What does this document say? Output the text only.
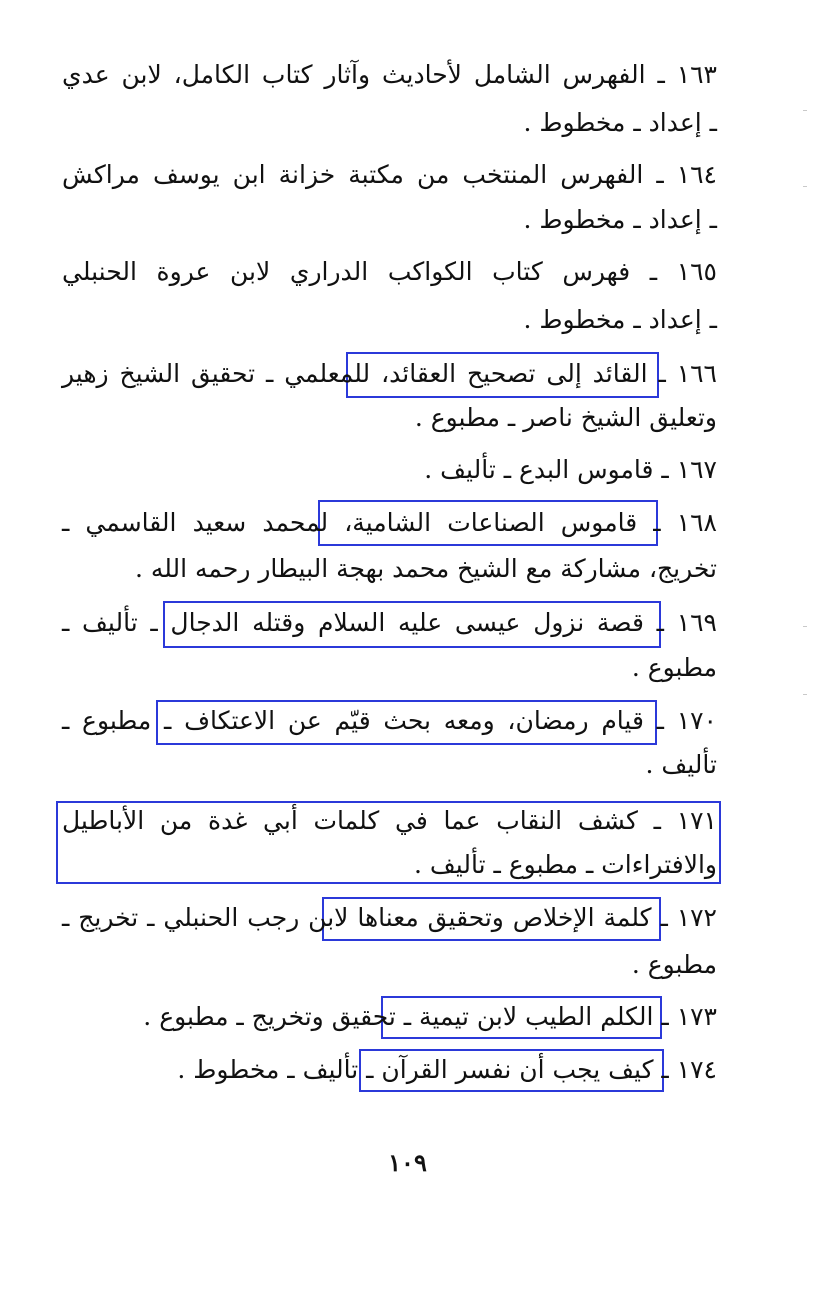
١٦٣ ـ الفهرس الشامل لأحاديث وآثار كتاب الكامل، لابن عدي
ـ إعداد ـ مخطوط .
١٦٤ ـ الفهرس المنتخب من مكتبة خزانة ابن يوسف مراكش
ـ إعداد ـ مخطوط .
١٦٥ ـ فهرس كتاب الكواكب الدراري لابن عروة الحنبلي
ـ إعداد ـ مخطوط .
١٦٦ ـ القائد إلى تصحيح العقائد، للمعلمي ـ تحقيق الشيخ زهير
وتعليق الشيخ ناصر ـ مطبوع .
١٦٧ ـ قاموس البدع ـ تأليف .
١٦٨ ـ قاموس الصناعات الشامية، لمحمد سعيد القاسمي ـ
تخريج، مشاركة مع الشيخ محمد بهجة البيطار رحمه الله .
١٦٩ ـ قصة نزول عيسى عليه السلام وقتله الدجال ـ تأليف ـ
مطبوع .
١٧٠ ـ قيام رمضان، ومعه بحث قيّم عن الاعتكاف ـ مطبوع ـ
تأليف .
١٧١ ـ كشف النقاب عما في كلمات أبي غدة من الأباطيل
والافتراءات ـ مطبوع ـ تأليف .
١٧٢ ـ كلمة الإخلاص وتحقيق معناها لابن رجب الحنبلي ـ تخريج ـ
مطبوع .
١٧٣ ـ الكلم الطيب لابن تيمية ـ تحقيق وتخريج ـ مطبوع .
١٧٤ ـ كيف يجب أن نفسر القرآن ـ تأليف ـ مخطوط .
١٠٩
